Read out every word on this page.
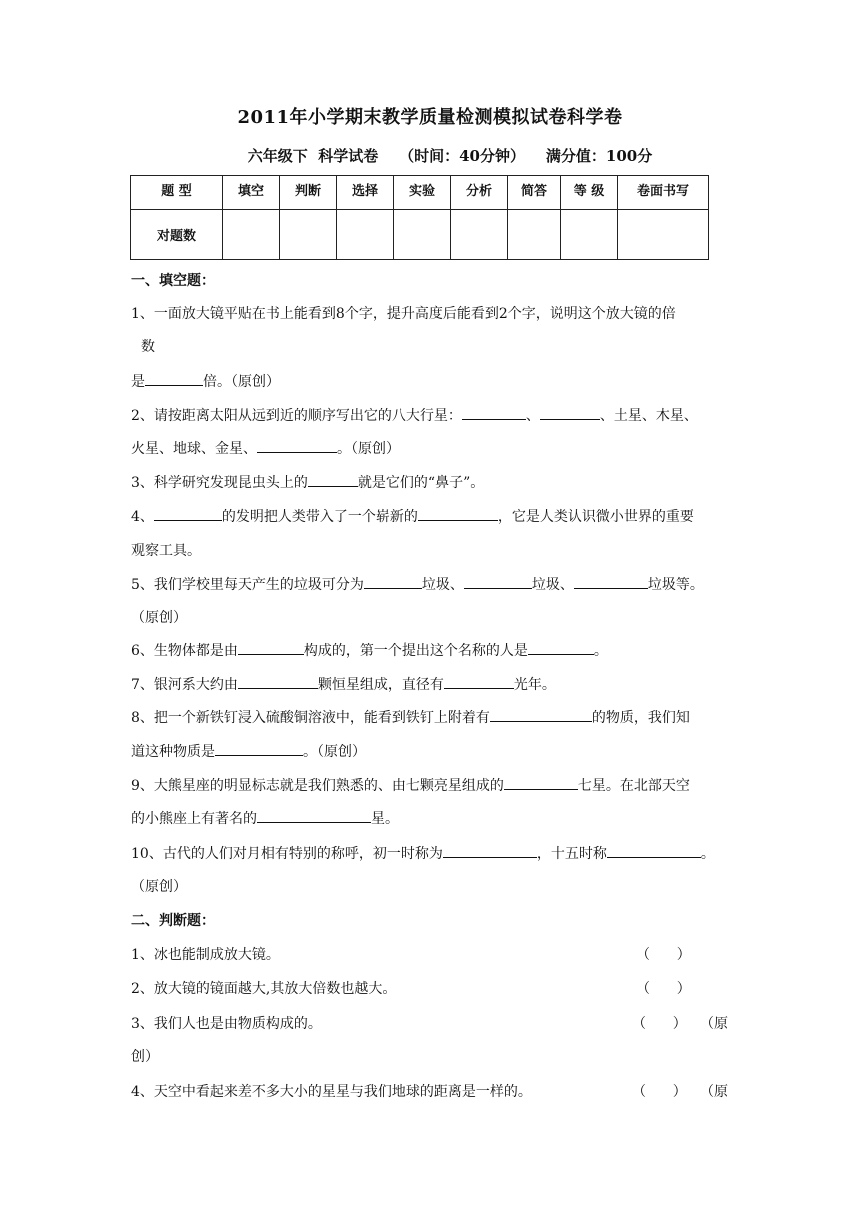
2011年小学期末教学质量检测模拟试卷科学卷
六年级下  科学试卷    （时间：40分钟）    满分值：100分
题 型	填空	判断	选择	实验	分析	简答	等 级	卷面书写
对题数								
一、填空题：
1、一面放大镜平贴在书上能看到8个字，提升高度后能看到2个字，说明这个放大镜的倍
数
是	倍。（原创）
2、请按距离太阳从远到近的顺序写出它的八大行星：	、	、土星、木星、
火星、地球、金星、	。（原创）
3、科学研究发现昆虫头上的	就是它们的“鼻子”。
4、	的发明把人类带入了一个崭新的	，它是人类认识微小世界的重要
观察工具。
5、我们学校里每天产生的垃圾可分为	垃圾、	垃圾、	垃圾等。
（原创）
6、生物体都是由	构成的，第一个提出这个名称的人是	。
7、银河系大约由	颗恒星组成，直径有	光年。
8、把一个新铁钉浸入硫酸铜溶液中，能看到铁钉上附着有	的物质，我们知
道这种物质是	。（原创）
9、大熊星座的明显标志就是我们熟悉的、由七颗亮星组成的	七星。在北部天空
的小熊座上有著名的	星。
10、古代的人们对月相有特别的称呼，初一时称为	，十五时称	。
（原创）
二、判断题：
1、冰也能制成放大镜。	（      ）
2、放大镜的镜面越大,其放大倍数也越大。	（      ）
3、我们人也是由物质构成的。	（      ） （原
创）
4、天空中看起来差不多大小的星星与我们地球的距离是一样的。	（      ） （原
